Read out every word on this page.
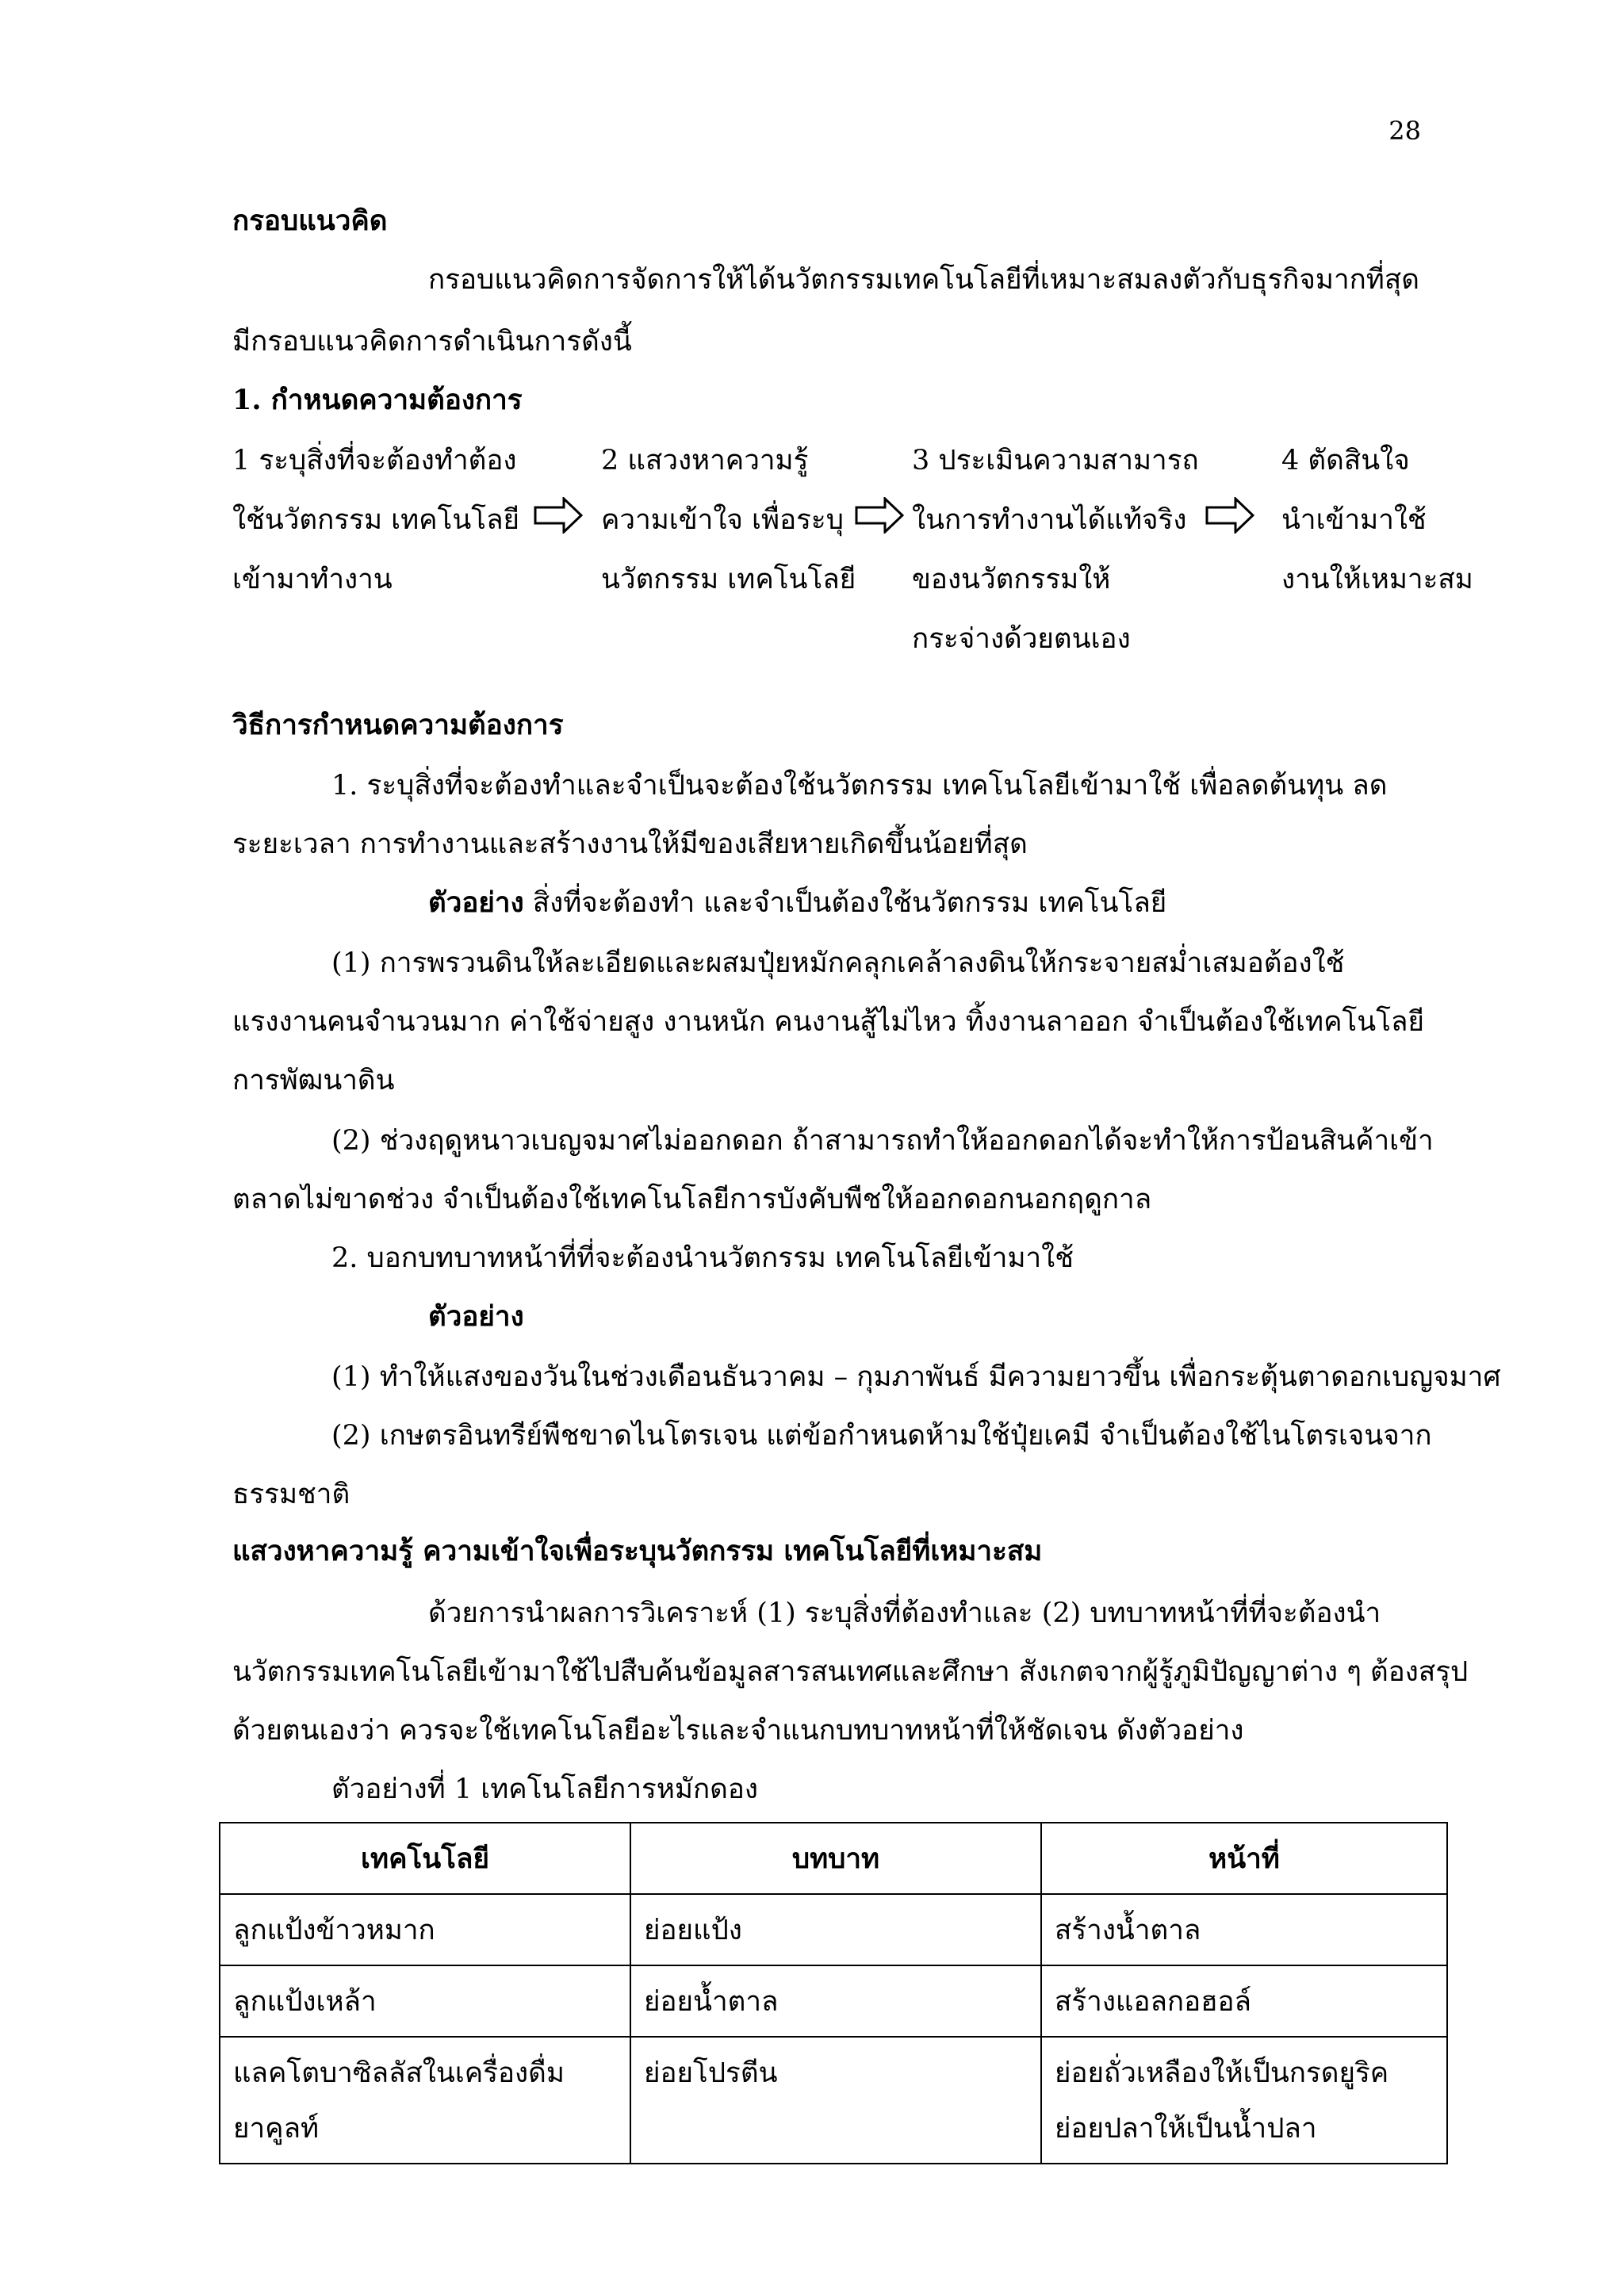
28
กรอบแนวคิด
กรอบแนวคิดการจัดการให้ได้นวัตกรรมเทคโนโลยีที่เหมาะสมลงตัวกับธุรกิจมากที่สุด
มีกรอบแนวคิดการดำเนินการดังนี้
1. กำหนดความต้องการ
1 ระบุสิ่งที่จะต้องทำต้อง
ใช้นวัตกรรม เทคโนโลยี
เข้ามาทำงาน
2 แสวงหาความรู้
ความเข้าใจ เพื่อระบุ
นวัตกรรม เทคโนโลยี
3 ประเมินความสามารถ
ในการทำงานได้แท้จริง
ของนวัตกรรมให้
กระจ่างด้วยตนเอง
4 ตัดสินใจ
นำเข้ามาใช้
งานให้เหมาะสม
วิธีการกำหนดความต้องการ
1. ระบุสิ่งที่จะต้องทำและจำเป็นจะต้องใช้นวัตกรรม เทคโนโลยีเข้ามาใช้ เพื่อลดต้นทุน ลด
ระยะเวลา การทำงานและสร้างงานให้มีของเสียหายเกิดขึ้นน้อยที่สุด
ตัวอย่าง สิ่งที่จะต้องทำ และจำเป็นต้องใช้นวัตกรรม เทคโนโลยี
(1) การพรวนดินให้ละเอียดและผสมปุ๋ยหมักคลุกเคล้าลงดินให้กระจายสม่ำเสมอต้องใช้
แรงงานคนจำนวนมาก ค่าใช้จ่ายสูง งานหนัก คนงานสู้ไม่ไหว ทิ้งงานลาออก จำเป็นต้องใช้เทคโนโลยี
การพัฒนาดิน
(2) ช่วงฤดูหนาวเบญจมาศไม่ออกดอก ถ้าสามารถทำให้ออกดอกได้จะทำให้การป้อนสินค้าเข้า
ตลาดไม่ขาดช่วง จำเป็นต้องใช้เทคโนโลยีการบังคับพืชให้ออกดอกนอกฤดูกาล
2. บอกบทบาทหน้าที่ที่จะต้องนำนวัตกรรม เทคโนโลยีเข้ามาใช้
ตัวอย่าง
(1) ทำให้แสงของวันในช่วงเดือนธันวาคม – กุมภาพันธ์ มีความยาวขึ้น เพื่อกระตุ้นตาดอกเบญจมาศ
(2) เกษตรอินทรีย์พืชขาดไนโตรเจน แต่ข้อกำหนดห้ามใช้ปุ๋ยเคมี จำเป็นต้องใช้ไนโตรเจนจาก
ธรรมชาติ
แสวงหาความรู้ ความเข้าใจเพื่อระบุนวัตกรรม เทคโนโลยีที่เหมาะสม
ด้วยการนำผลการวิเคราะห์ (1) ระบุสิ่งที่ต้องทำและ (2) บทบาทหน้าที่ที่จะต้องนำ
นวัตกรรมเทคโนโลยีเข้ามาใช้ไปสืบค้นข้อมูลสารสนเทศและศึกษา สังเกตจากผู้รู้ภูมิปัญญาต่าง ๆ ต้องสรุป
ด้วยตนเองว่า ควรจะใช้เทคโนโลยีอะไรและจำแนกบทบาทหน้าที่ให้ชัดเจน ดังตัวอย่าง
ตัวอย่างที่ 1 เทคโนโลยีการหมักดอง
เทคโนโลยี	บทบาท	หน้าที่

ลูกแป้งข้าวหมาก	ย่อยแป้ง	สร้างน้ำตาล

ลูกแป้งเหล้า	ย่อยน้ำตาล	สร้างแอลกอฮอล์

แลคโตบาซิลลัสในเครื่องดื่ม
ยาคูลท์	ย่อยโปรตีน	ย่อยถั่วเหลืองให้เป็นกรดยูริค
ย่อยปลาให้เป็นน้ำปลา
